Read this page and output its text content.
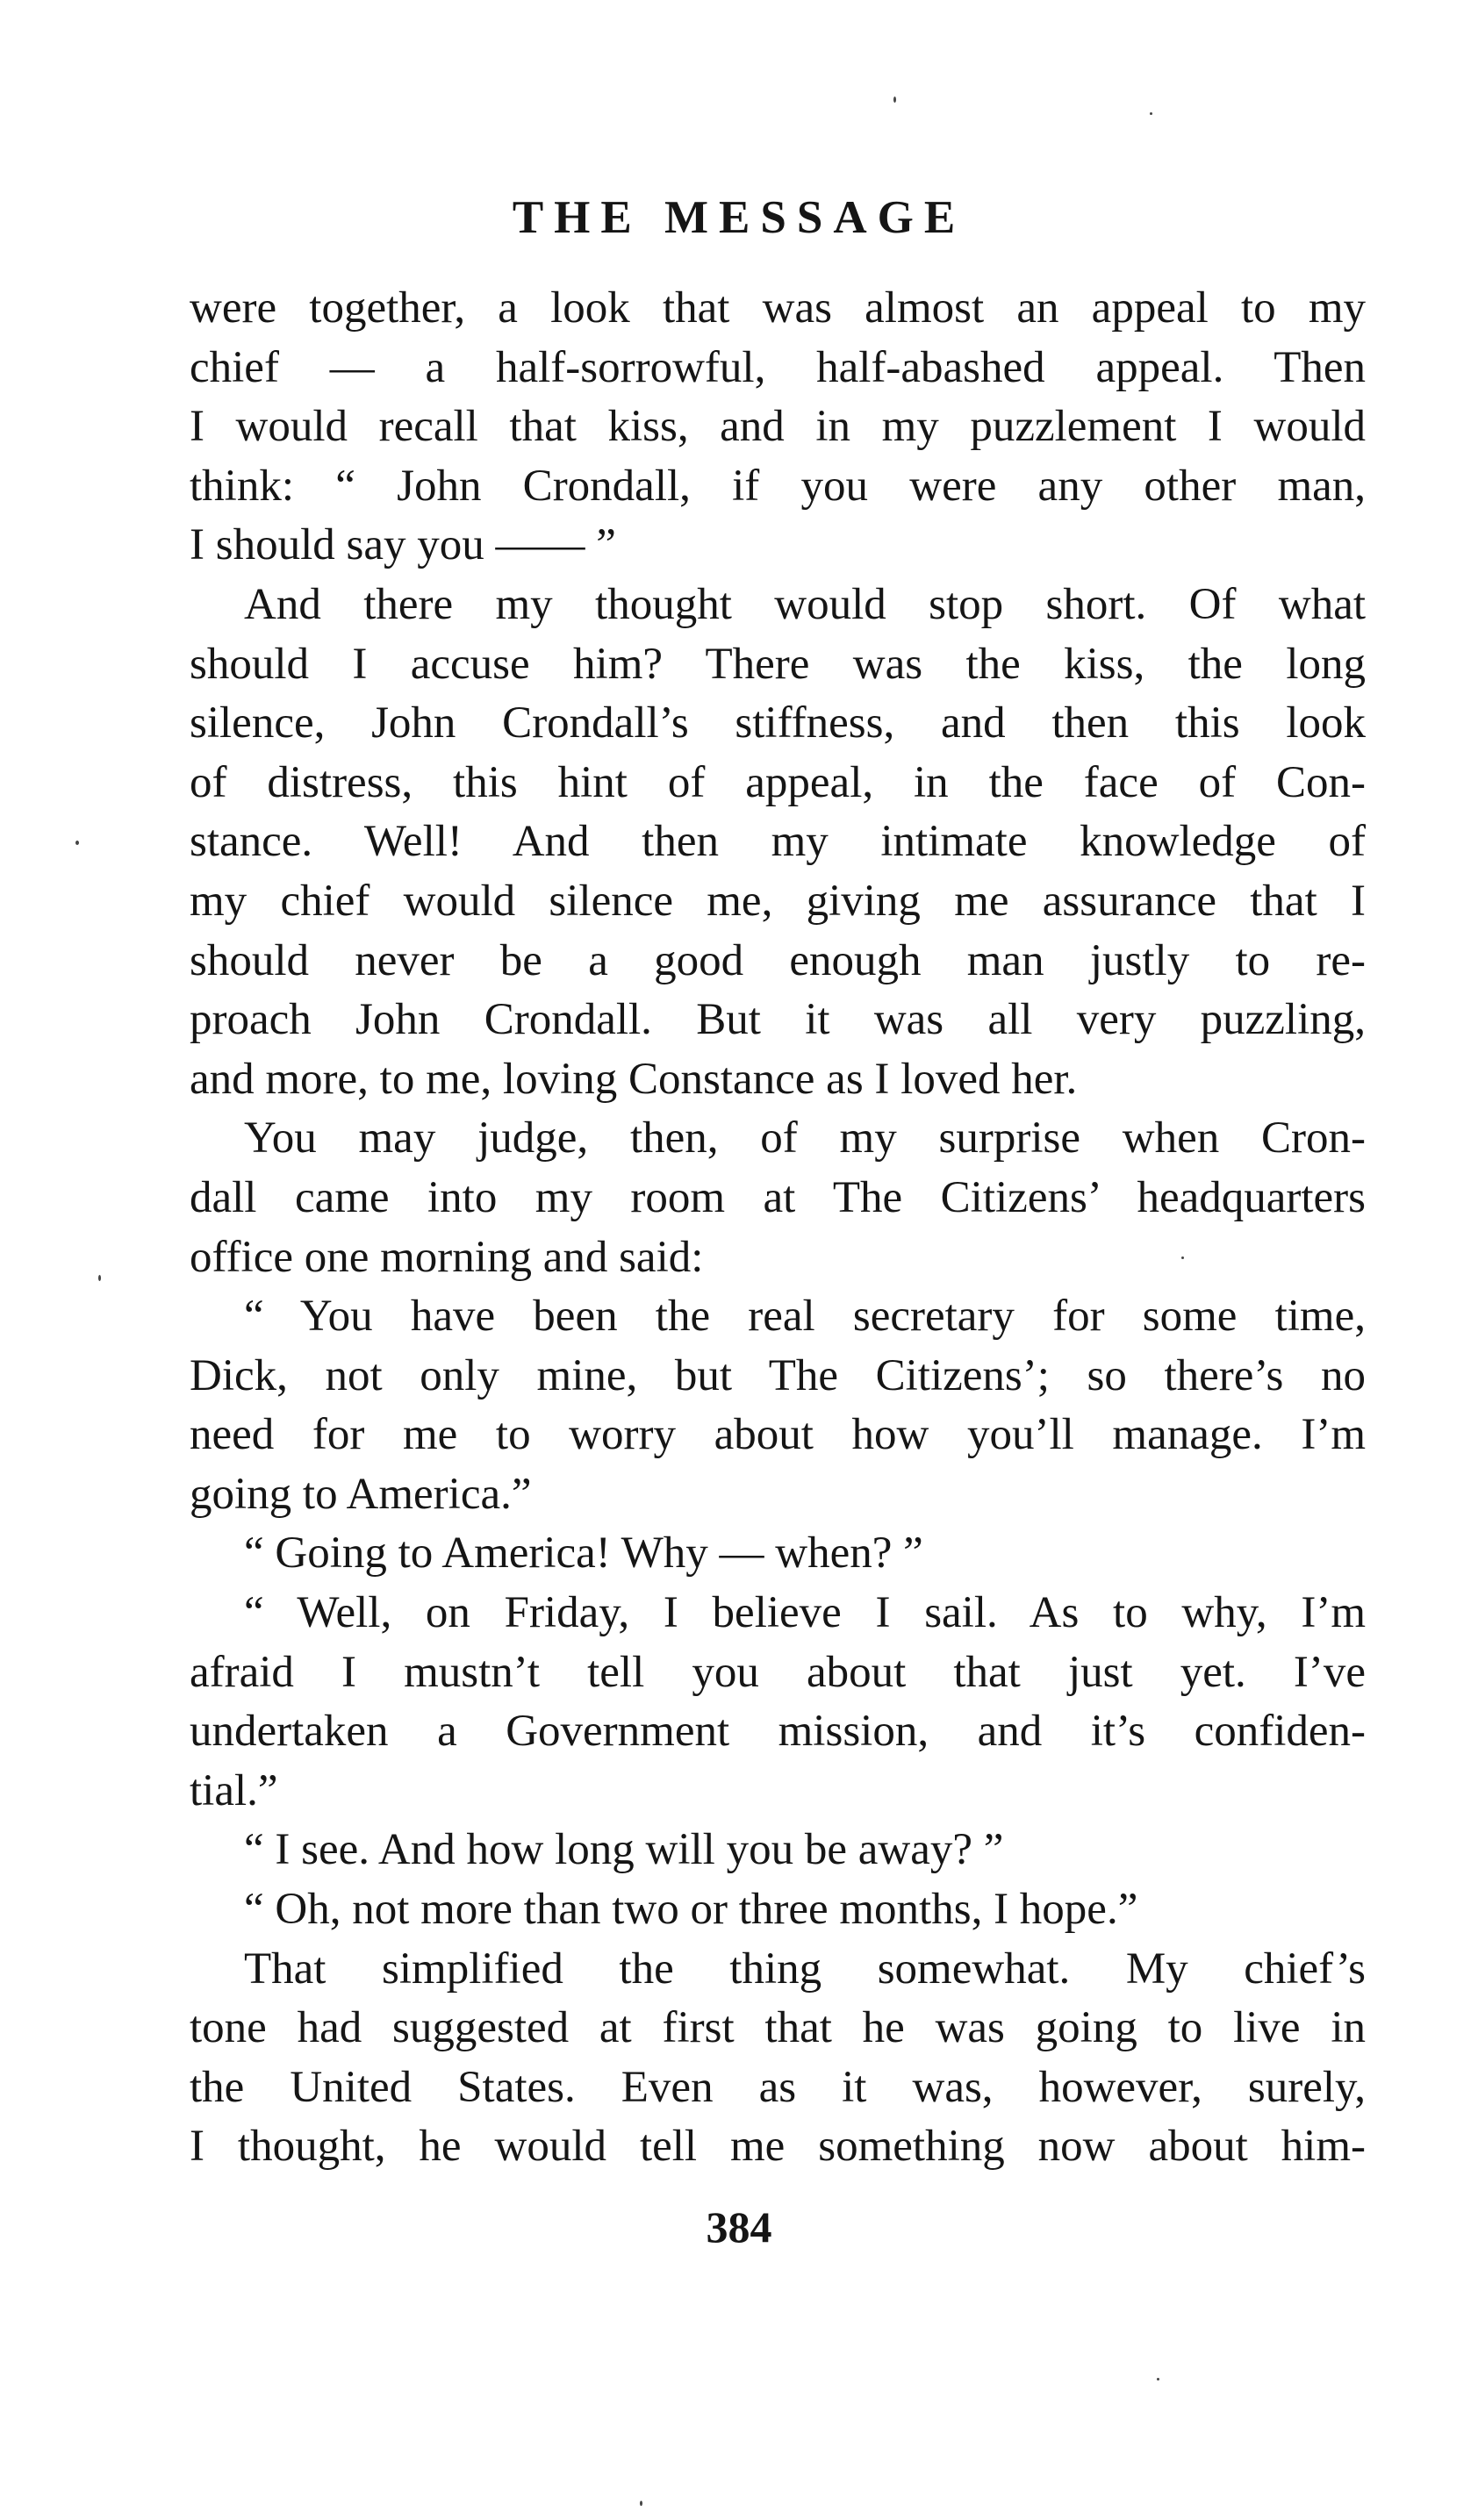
THE MESSAGE
were together, a look that was almost an appeal to my
chief — a half-sorrowful, half-abashed appeal. Then
I would recall that kiss, and in my puzzlement I would
think: “ John Crondall, if you were any other man,
I should say you —— ”
And there my thought would stop short. Of what
should I accuse him? There was the kiss, the long
silence, John Crondall’s stiffness, and then this look
of distress, this hint of appeal, in the face of Con-
stance. Well! And then my intimate knowledge of
my chief would silence me, giving me assurance that I
should never be a good enough man justly to re-
proach John Crondall. But it was all very puzzling,
and more, to me, loving Constance as I loved her.
You may judge, then, of my surprise when Cron-
dall came into my room at The Citizens’ headquarters
office one morning and said:
“ You have been the real secretary for some time,
Dick, not only mine, but The Citizens’; so there’s no
need for me to worry about how you’ll manage. I’m
going to America.”
“ Going to America! Why — when? ”
“ Well, on Friday, I believe I sail. As to why, I’m
afraid I mustn’t tell you about that just yet. I’ve
undertaken a Government mission, and it’s confiden-
tial.”
“ I see. And how long will you be away? ”
“ Oh, not more than two or three months, I hope.”
That simplified the thing somewhat. My chief’s
tone had suggested at first that he was going to live in
the United States. Even as it was, however, surely,
I thought, he would tell me something now about him-
384
